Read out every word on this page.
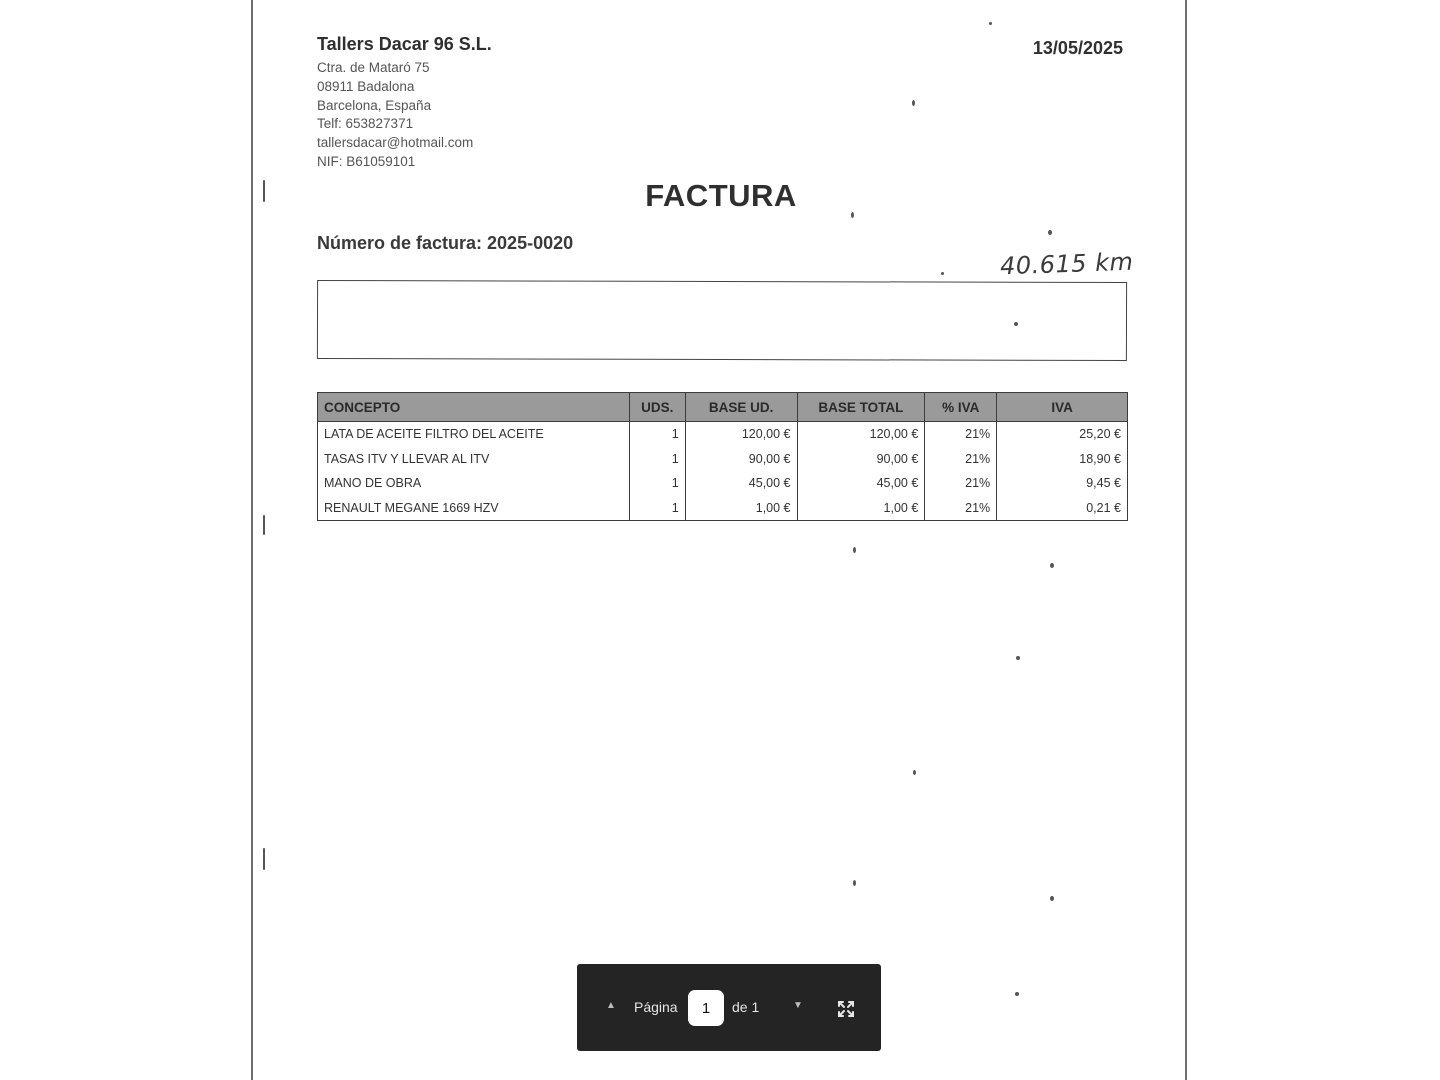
Tallers Dacar 96 S.L.
Ctra. de Mataró 75
08911 Badalona
Barcelona, España
Telf: 653827371
tallersdacar@hotmail.com
NIF: B61059101
13/05/2025
FACTURA
Número de factura: 2025-0020
40.615 km
CONCEPTO	UDS.	BASE UD.	BASE TOTAL	% IVA	IVA
LATA DE ACEITE FILTRO DEL ACEITE	1	120,00 €	120,00 €	21%	25,20 €
TASAS ITV Y LLEVAR AL ITV	1	90,00 €	90,00 €	21%	18,90 €
MANO DE OBRA	1	45,00 €	45,00 €	21%	9,45 €
RENAULT MEGANE 1669 HZV	1	1,00 €	1,00 €	21%	0,21 €
▲ Página
1	de 1	▼
